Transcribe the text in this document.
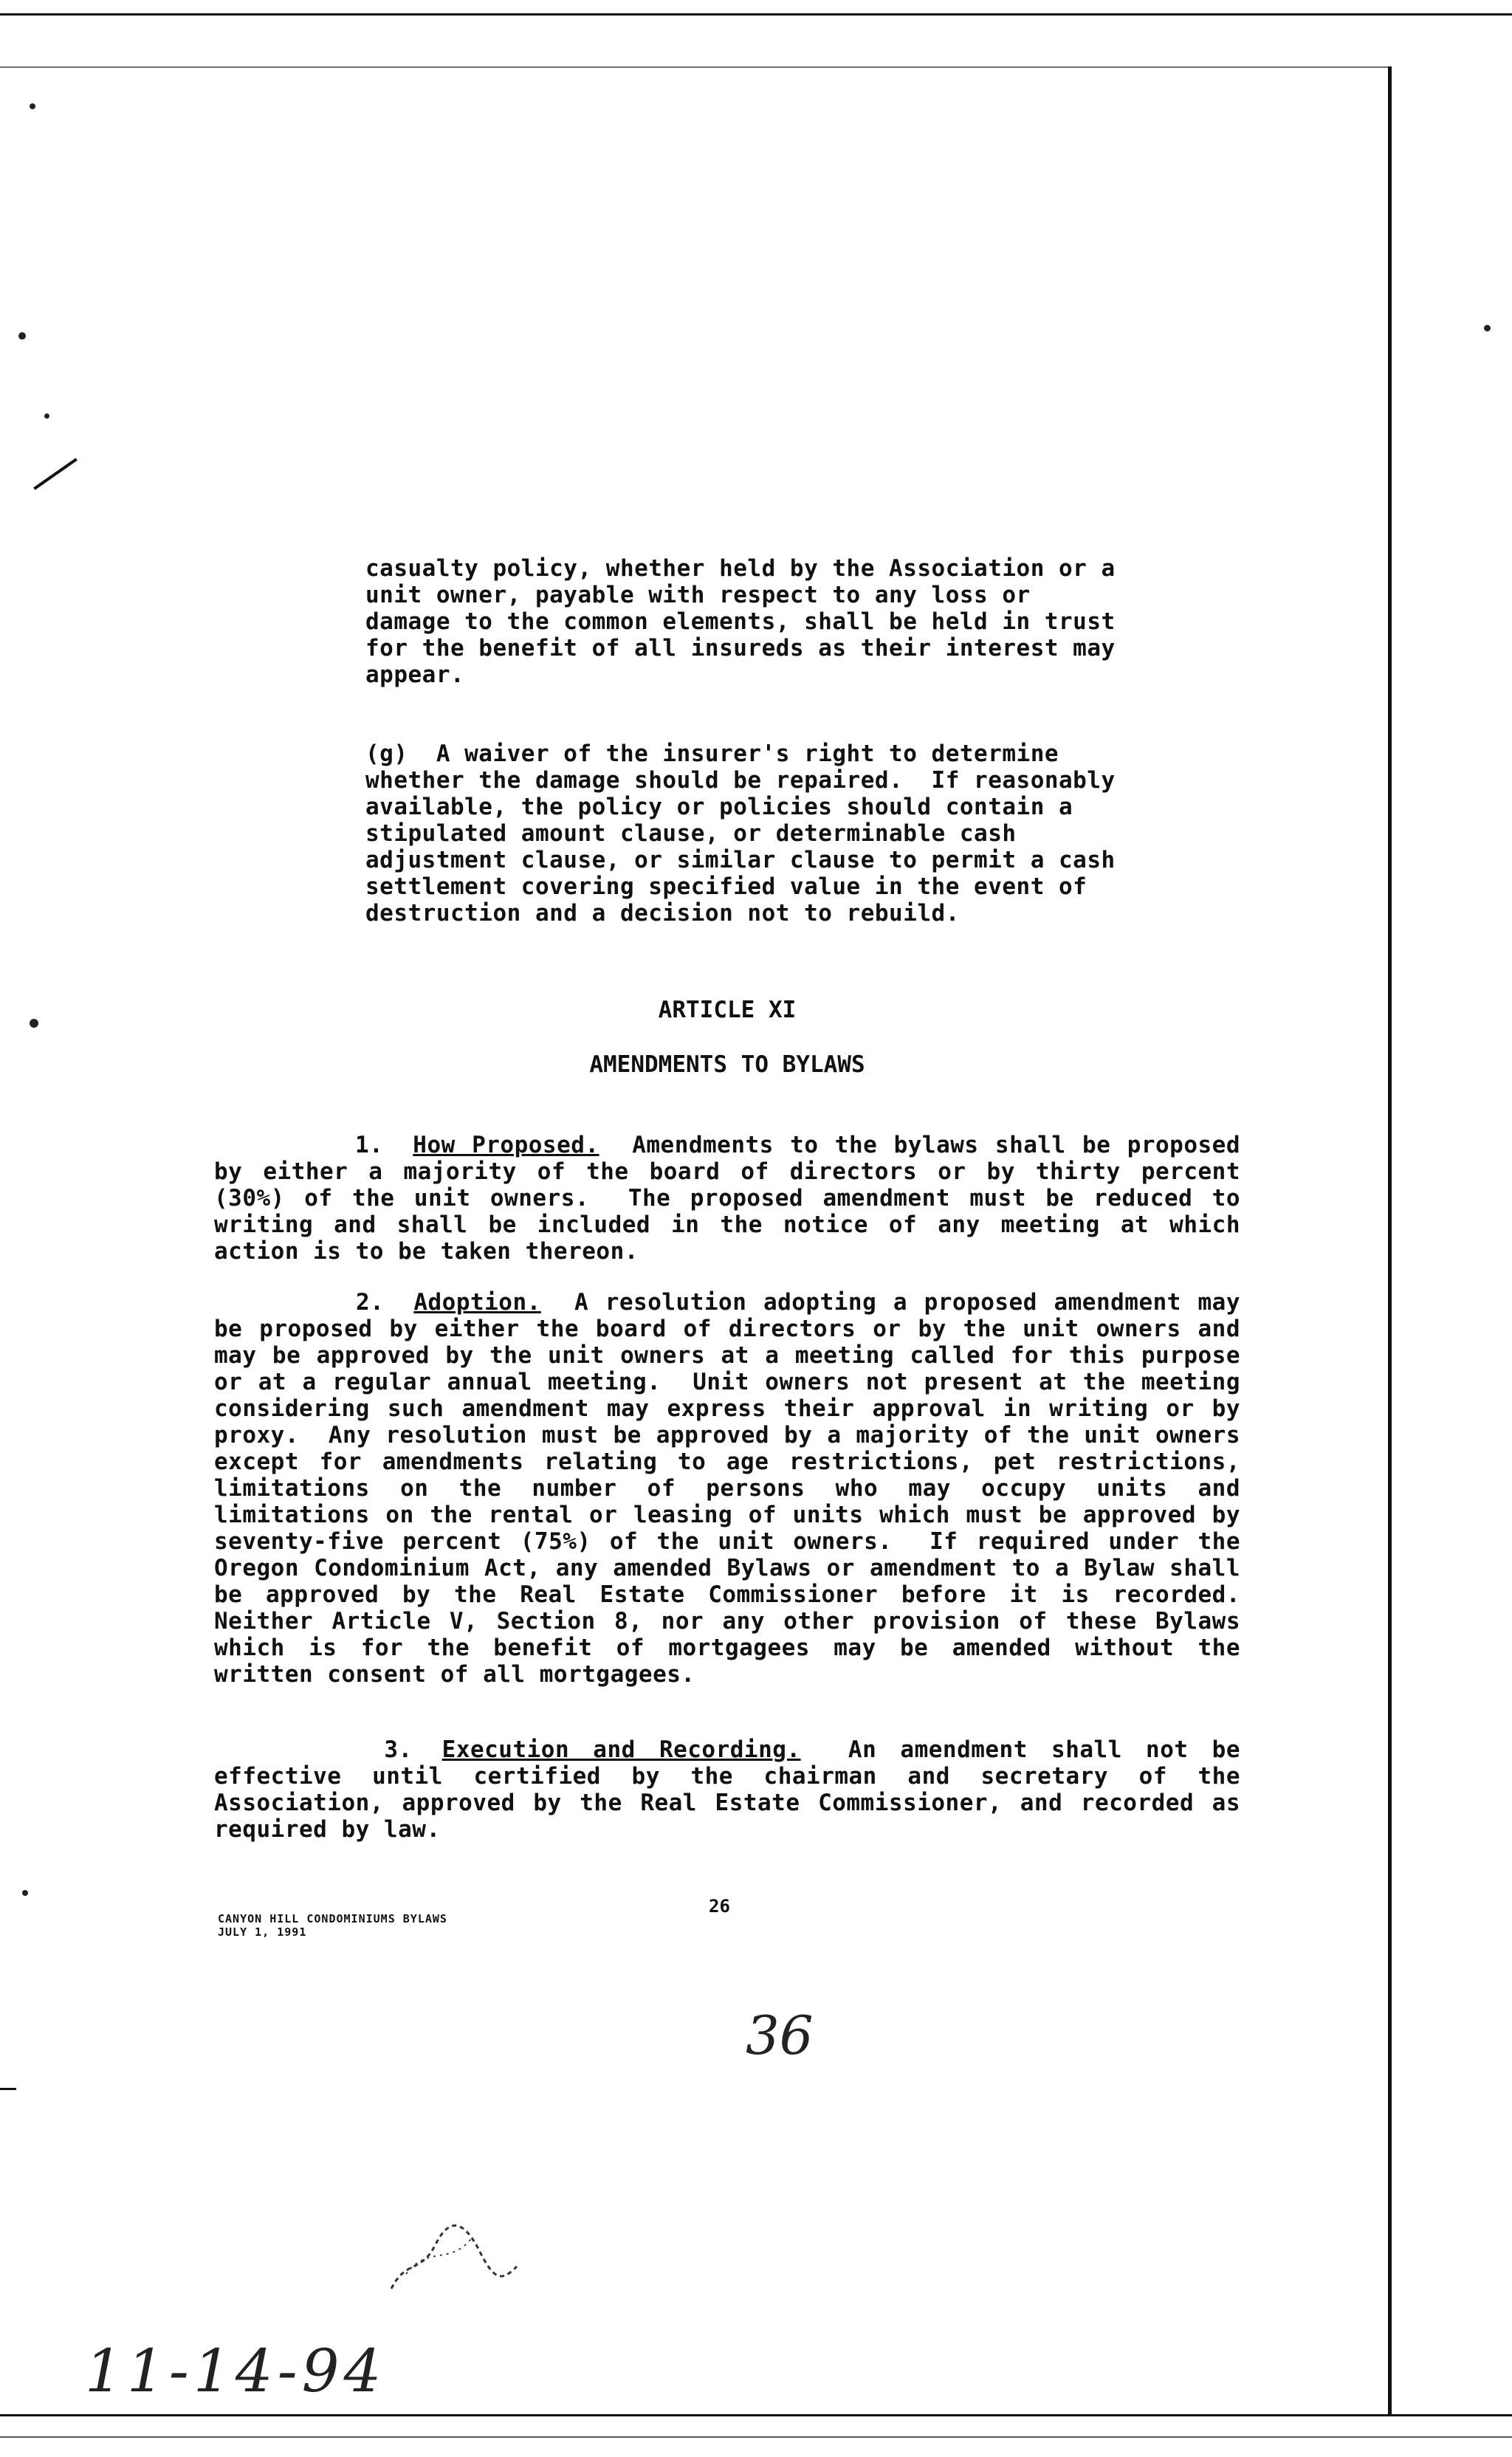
casualty policy, whether held by the Association or a unit owner, payable with respect to any loss or damage to the common elements, shall be held in trust for the benefit of all insureds as their interest may appear.
(g)  A waiver of the insurer's right to determine whether the damage should be repaired.  If reasonably available, the policy or policies should contain a stipulated amount clause, or determinable cash adjustment clause, or similar clause to permit a cash settlement covering specified value in the event of destruction and a decision not to rebuild.
ARTICLE XI
AMENDMENTS TO BYLAWS

1. How Proposed. Amendments to the bylaws shall be proposed by either a majority of the board of directors or by thirty percent (30%) of the unit owners.  The proposed amendment must be reduced to writing and shall be included in the notice of any meeting at which action is to be taken thereon.

2. Adoption. A resolution adopting a proposed amendment may be proposed by either the board of directors or by the unit owners and may be approved by the unit owners at a meeting called for this purpose or at a regular annual meeting.  Unit owners not present at the meeting considering such amendment may express their approval in writing or by proxy.  Any resolution must be approved by a majority of the unit owners except for amendments relating to age restrictions, pet restrictions, limitations on the number of persons who may occupy units and limitations on the rental or leasing of units which must be approved by seventy-five percent (75%) of the unit owners.  If required under the Oregon Condominium Act, any amended Bylaws or amendment to a Bylaw shall be approved by the Real Estate Commissioner before it is recorded.  Neither Article V, Section 8, nor any other provision of these Bylaws which is for the benefit of mortgagees may be amended without the written consent of all mortgagees.

3. Execution and Recording. An amendment shall not be effective until certified by the chairman and secretary of the Association, approved by the Real Estate Commissioner, and recorded as required by law.

CANYON HILL CONDOMINIUMS BYLAWS
JULY 1, 1991
26
36
11-14-94
